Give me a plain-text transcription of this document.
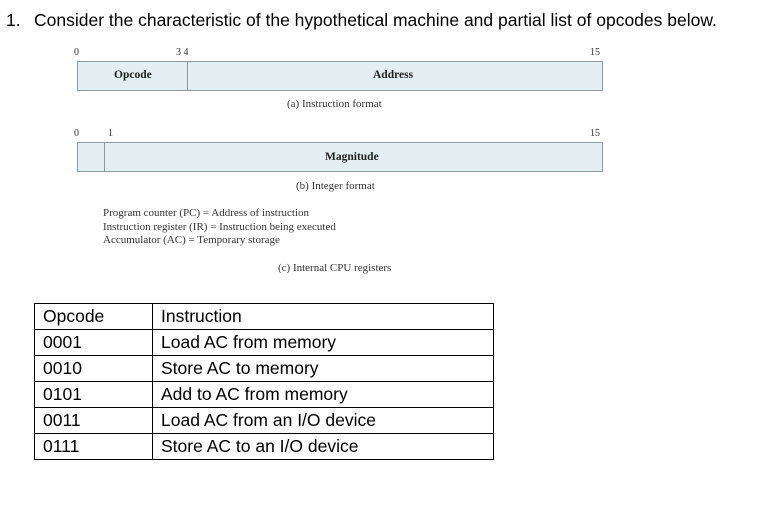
1. Consider the characteristic of the hypothetical machine and partial list of opcodes below.
0	3 4	15
Opcode	Address
(a) Instruction format
0	1	15
Magnitude
(b) Integer format
Program counter (PC) = Address of instruction
Instruction register (IR) = Instruction being executed
Accumulator (AC) = Temporary storage
(c) Internal CPU registers
Opcode	Instruction
0001	Load AC from memory
0010	Store AC to memory
0101	Add to AC from memory
0011	Load AC from an I/O device
0111	Store AC to an I/O device
